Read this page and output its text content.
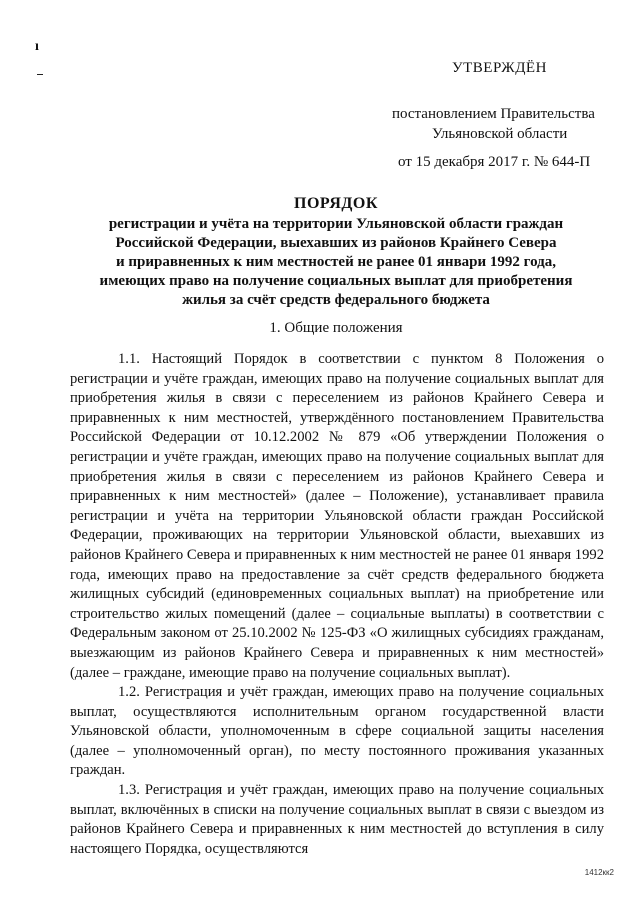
ı
УТВЕРЖДЁН
постановлением Правительства
Ульяновской области
от 15 декабря 2017 г. № 644-П
ПОРЯДОК
регистрации и учёта на территории Ульяновской области граждан
Российской Федерации, выехавших из районов Крайнего Севера
и приравненных к ним местностей не ранее 01 январи 1992 года,
имеющих право на получение социальных выплат для приобретения
жилья за счёт средств федерального бюджета
1. Общие положения

1.1. Настоящий Порядок в соответствии с пунктом 8 Положения о регистрации и учёте граждан, имеющих право на получение социальных выплат для приобретения жилья в связи с переселением из районов Крайнего Севера и приравненных к ним местностей, утверждённого постановлением Правительства Российской Федерации от 10.12.2002 № 879 «Об утверждении Положения о регистрации и учёте граждан, имеющих право на получение социальных выплат для приобретения жилья в связи с переселением из районов Крайнего Севера и приравненных к ним местностей» (далее – Положение), устанавливает правила регистрации и учёта на территории Ульяновской области граждан Российской Федерации, проживающих на территории Ульяновской области, выехавших из районов Крайнего Севера и приравненных к ним местностей не ранее 01 января 1992 года, имеющих право на предоставление за счёт средств федерального бюджета жилищных субсидий (единовременных социальных выплат) на приобретение или строительство жилых помещений (далее – социальные выплаты) в соответствии с Федеральным законом от 25.10.2002 № 125-ФЗ «О жилищных субсидиях гражданам, выезжающим из районов Крайнего Севера и приравненных к ним местностей» (далее – граждане, имеющие право на получение социальных выплат).

1.2. Регистрация и учёт граждан, имеющих право на получение социальных выплат, осуществляются исполнительным органом государственной власти Ульяновской области, уполномоченным в сфере социальной защиты населения (далее – уполномоченный орган), по месту постоянного проживания указанных граждан.

1.3. Регистрация и учёт граждан, имеющих право на получение социальных выплат, включённых в списки на получение социальных выплат в связи с выездом из районов Крайнего Севера и приравненных к ним местностей до вступления в силу настоящего Порядка, осуществляются

1412кк2
